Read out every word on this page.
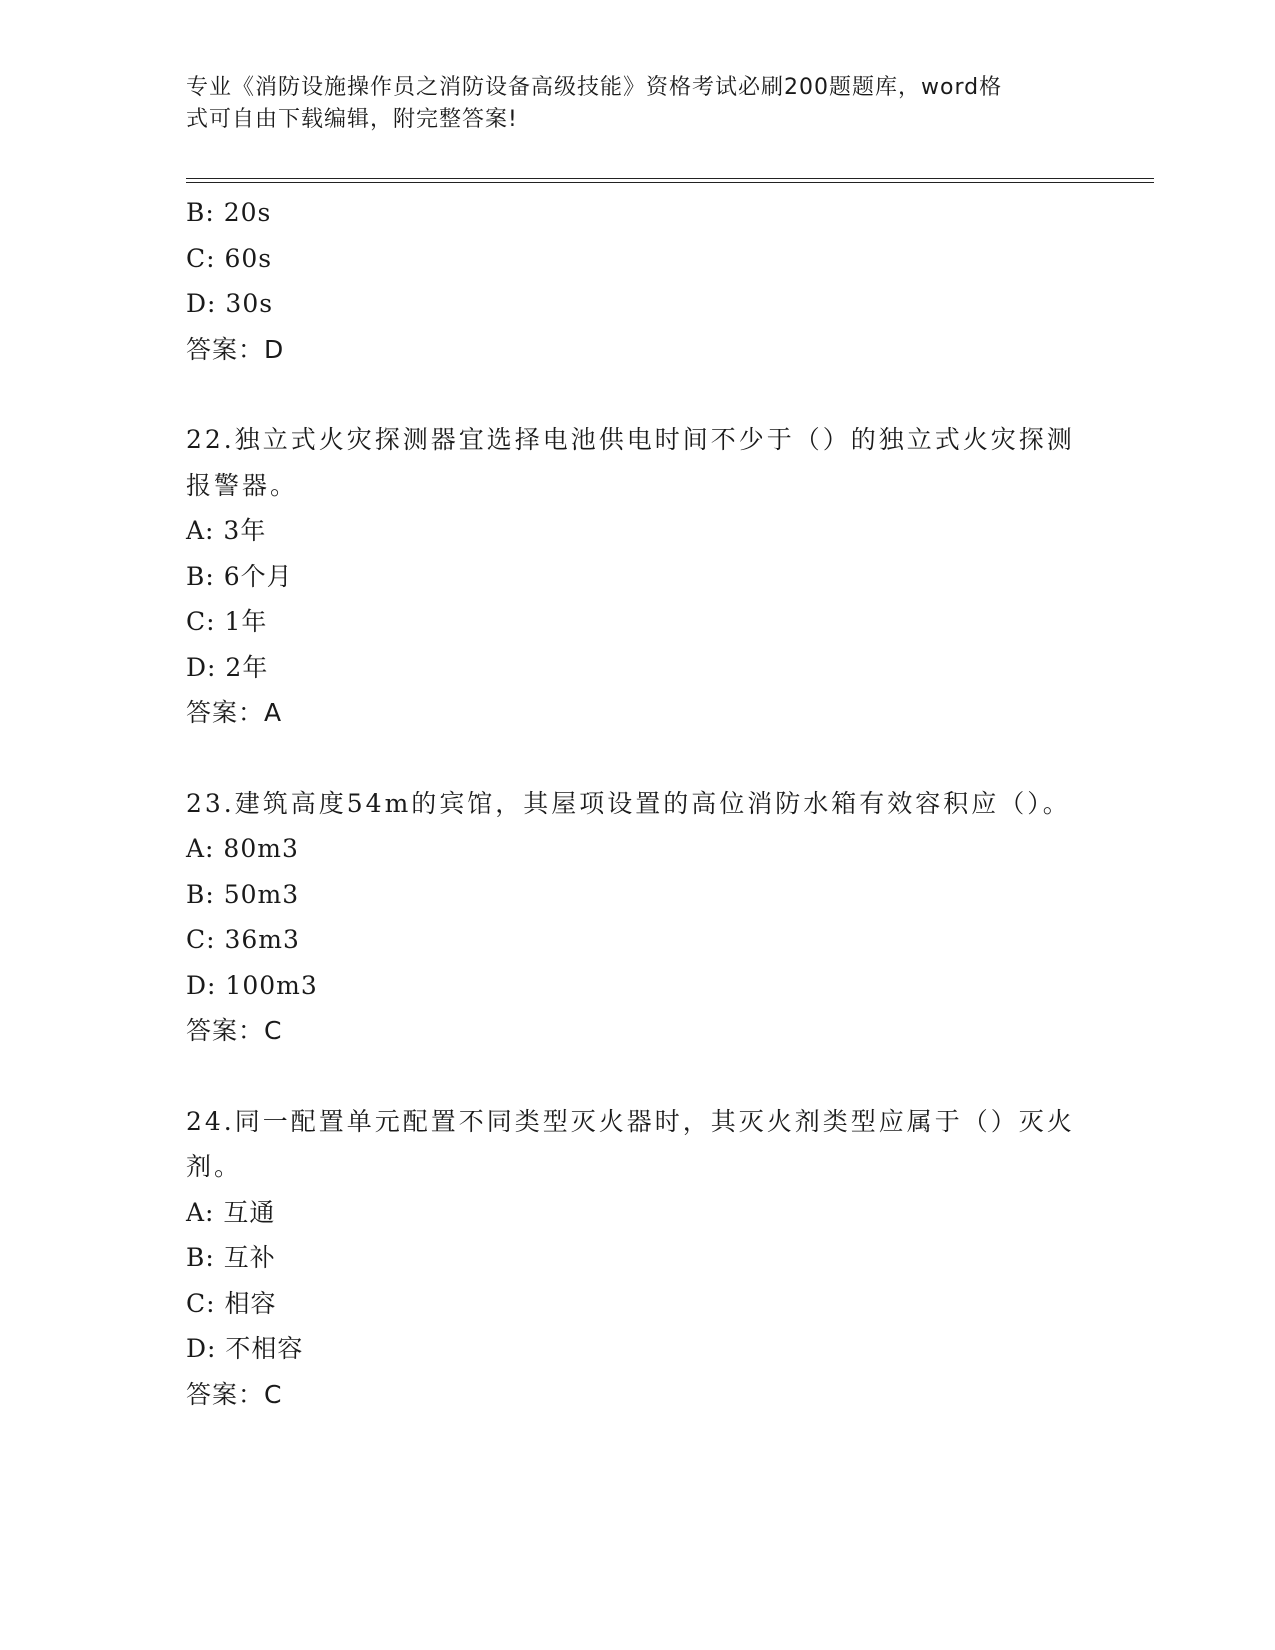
专业《消防设施操作员之消防设备高级技能》资格考试必刷200题题库，word格
式可自由下载编辑，附完整答案!
B: 20s
C: 60s
D: 30s
答案：D
22.独立式火灾探测器宜选择电池供电时间不少于（）的独立式火灾探测报警器。
A: 3年
B: 6个月
C: 1年
D: 2年
答案：A
23.建筑高度54m的宾馆，其屋项设置的高位消防水箱有效容积应（）。
A: 80m3
B: 50m3
C: 36m3
D: 100m3
答案：C
24.同一配置单元配置不同类型灭火器时，其灭火剂类型应属于（）灭火剂。
A: 互通
B: 互补
C: 相容
D: 不相容
答案：C
